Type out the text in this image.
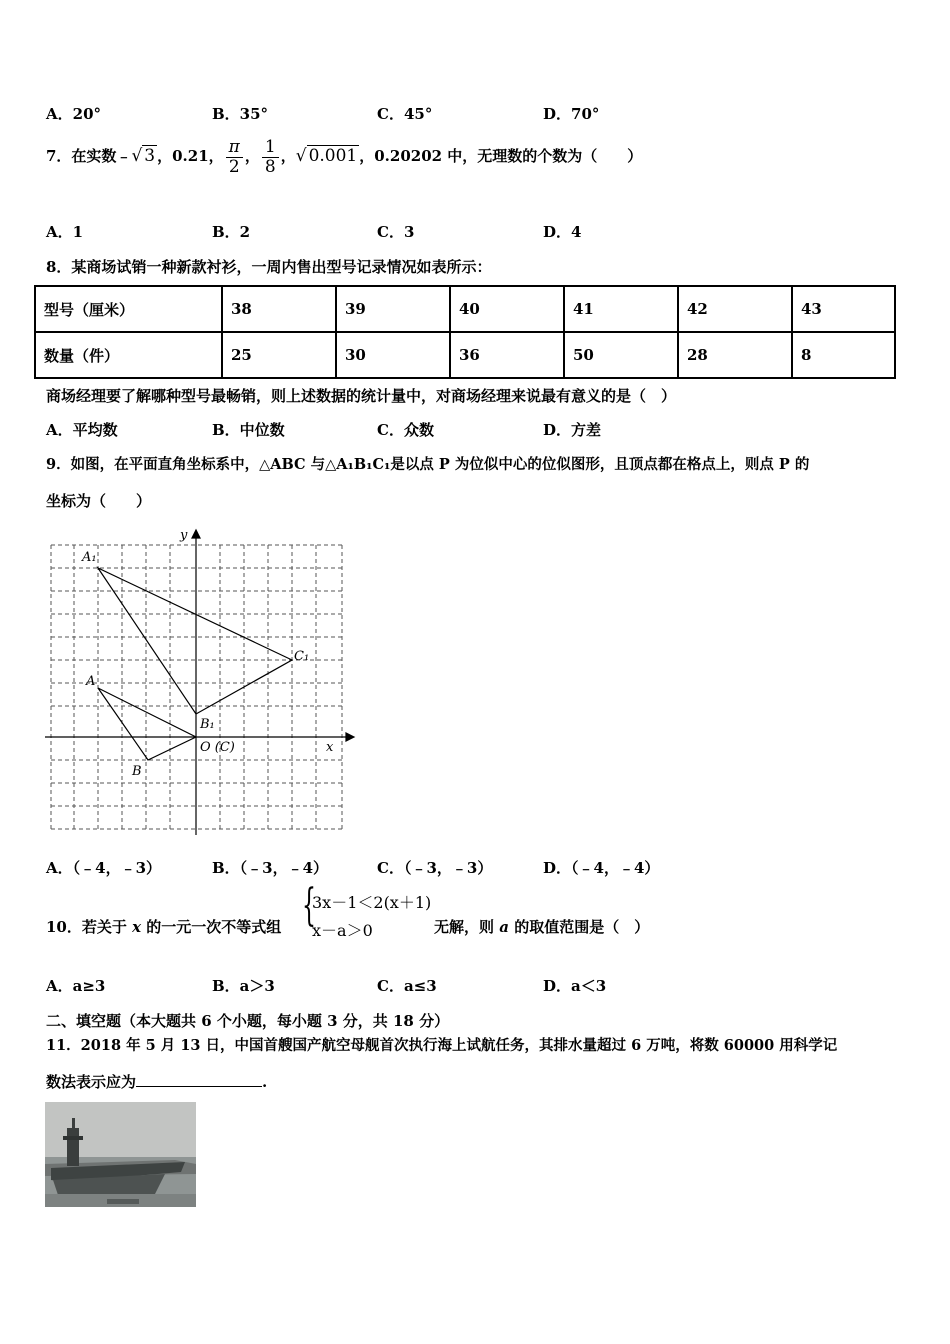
A．20°	B．35°	C．45°	D．70°
7．在实数﹣√ 3 ，0.21， $\frac{\pi}{2}$ ， $\frac{1}{8}$ ，√ 0.001 ，0.20202 中，无理数的个数为（　　）
A．1	B．2	C．3	D．4
8．某商场试销一种新款衬衫，一周内售出型号记录情况如表所示：
型号（厘米）	38	39	40	41	42	43
数量（件）	25	30	36	50	28	8
商场经理要了解哪种型号最畅销，则上述数据的统计量中，对商场经理来说最有意义的是（　）
A．平均数	B．中位数	C．众数	D．方差
9．如图，在平面直角坐标系中，△ABC 与△A₁B₁C₁是以点 P 为位似中心的位似图形，且顶点都在格点上，则点 P 的
坐标为（　　）
y
x
A₁
C₁
A
B₁
B
O (C)
A．（﹣4，﹣3）	B．（﹣3，﹣4）	C．（﹣3，﹣3）	D．（﹣4，﹣4）
10．若关于 x 的一元一次不等式组 {
3x－1＜2(x＋1)
x－a＞0	无解，则 a 的取值范围是（　）
A．a≥3	B．a＞3	C．a≤3	D．a＜3
二、填空题（本大题共 6 个小题，每小题 3 分，共 18 分）
11．2018 年 5 月 13 日，中国首艘国产航空母舰首次执行海上试航任务，其排水量超过 6 万吨，将数 60000 用科学记
数法表示应为	.
